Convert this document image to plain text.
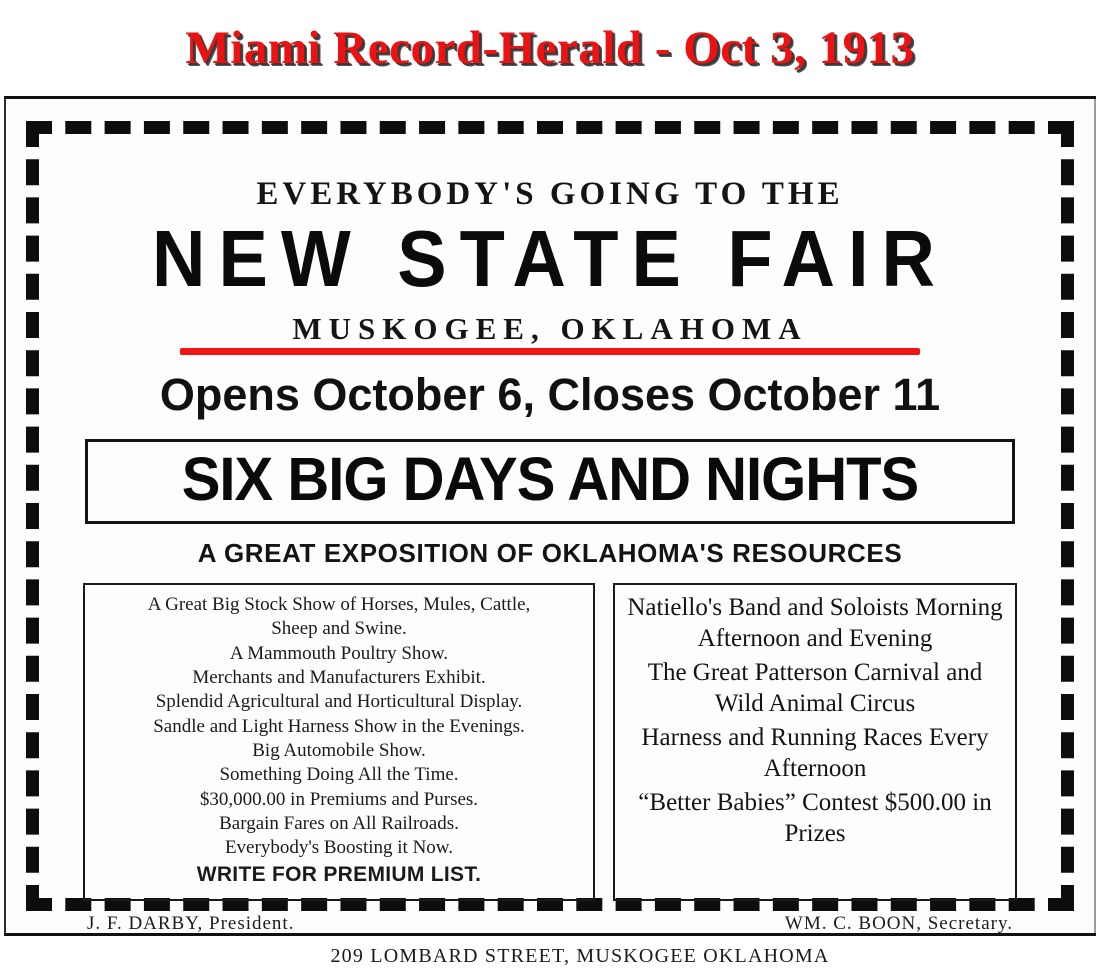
Miami Record-Herald - Oct 3, 1913
EVERYBODY'S GOING TO THE
NEW STATE FAIR
MUSKOGEE, OKLAHOMA
Opens October 6, Closes October 11
SIX BIG DAYS AND NIGHTS
A GREAT EXPOSITION OF OKLAHOMA'S RESOURCES
A Great Big Stock Show of Horses, Mules, Cattle,
Sheep and Swine.
A Mammouth Poultry Show.
Merchants and Manufacturers Exhibit.
Splendid Agricultural and Horticultural Display.
Sandle and Light Harness Show in the Evenings.
Big Automobile Show.
Something Doing All the Time.
$30,000.00 in Premiums and Purses.
Bargain Fares on All Railroads.
Everybody's Boosting it Now.
WRITE FOR PREMIUM LIST.
Natiello's Band and Soloists Morning Afternoon and Evening
The Great Patterson Carnival and Wild Animal Circus
Harness and Running Races Every Afternoon
“Better Babies” Contest $500.00 in Prizes
J. F. DARBY, President.	WM. C. BOON, Secretary.
209 LOMBARD STREET, MUSKOGEE OKLAHOMA
